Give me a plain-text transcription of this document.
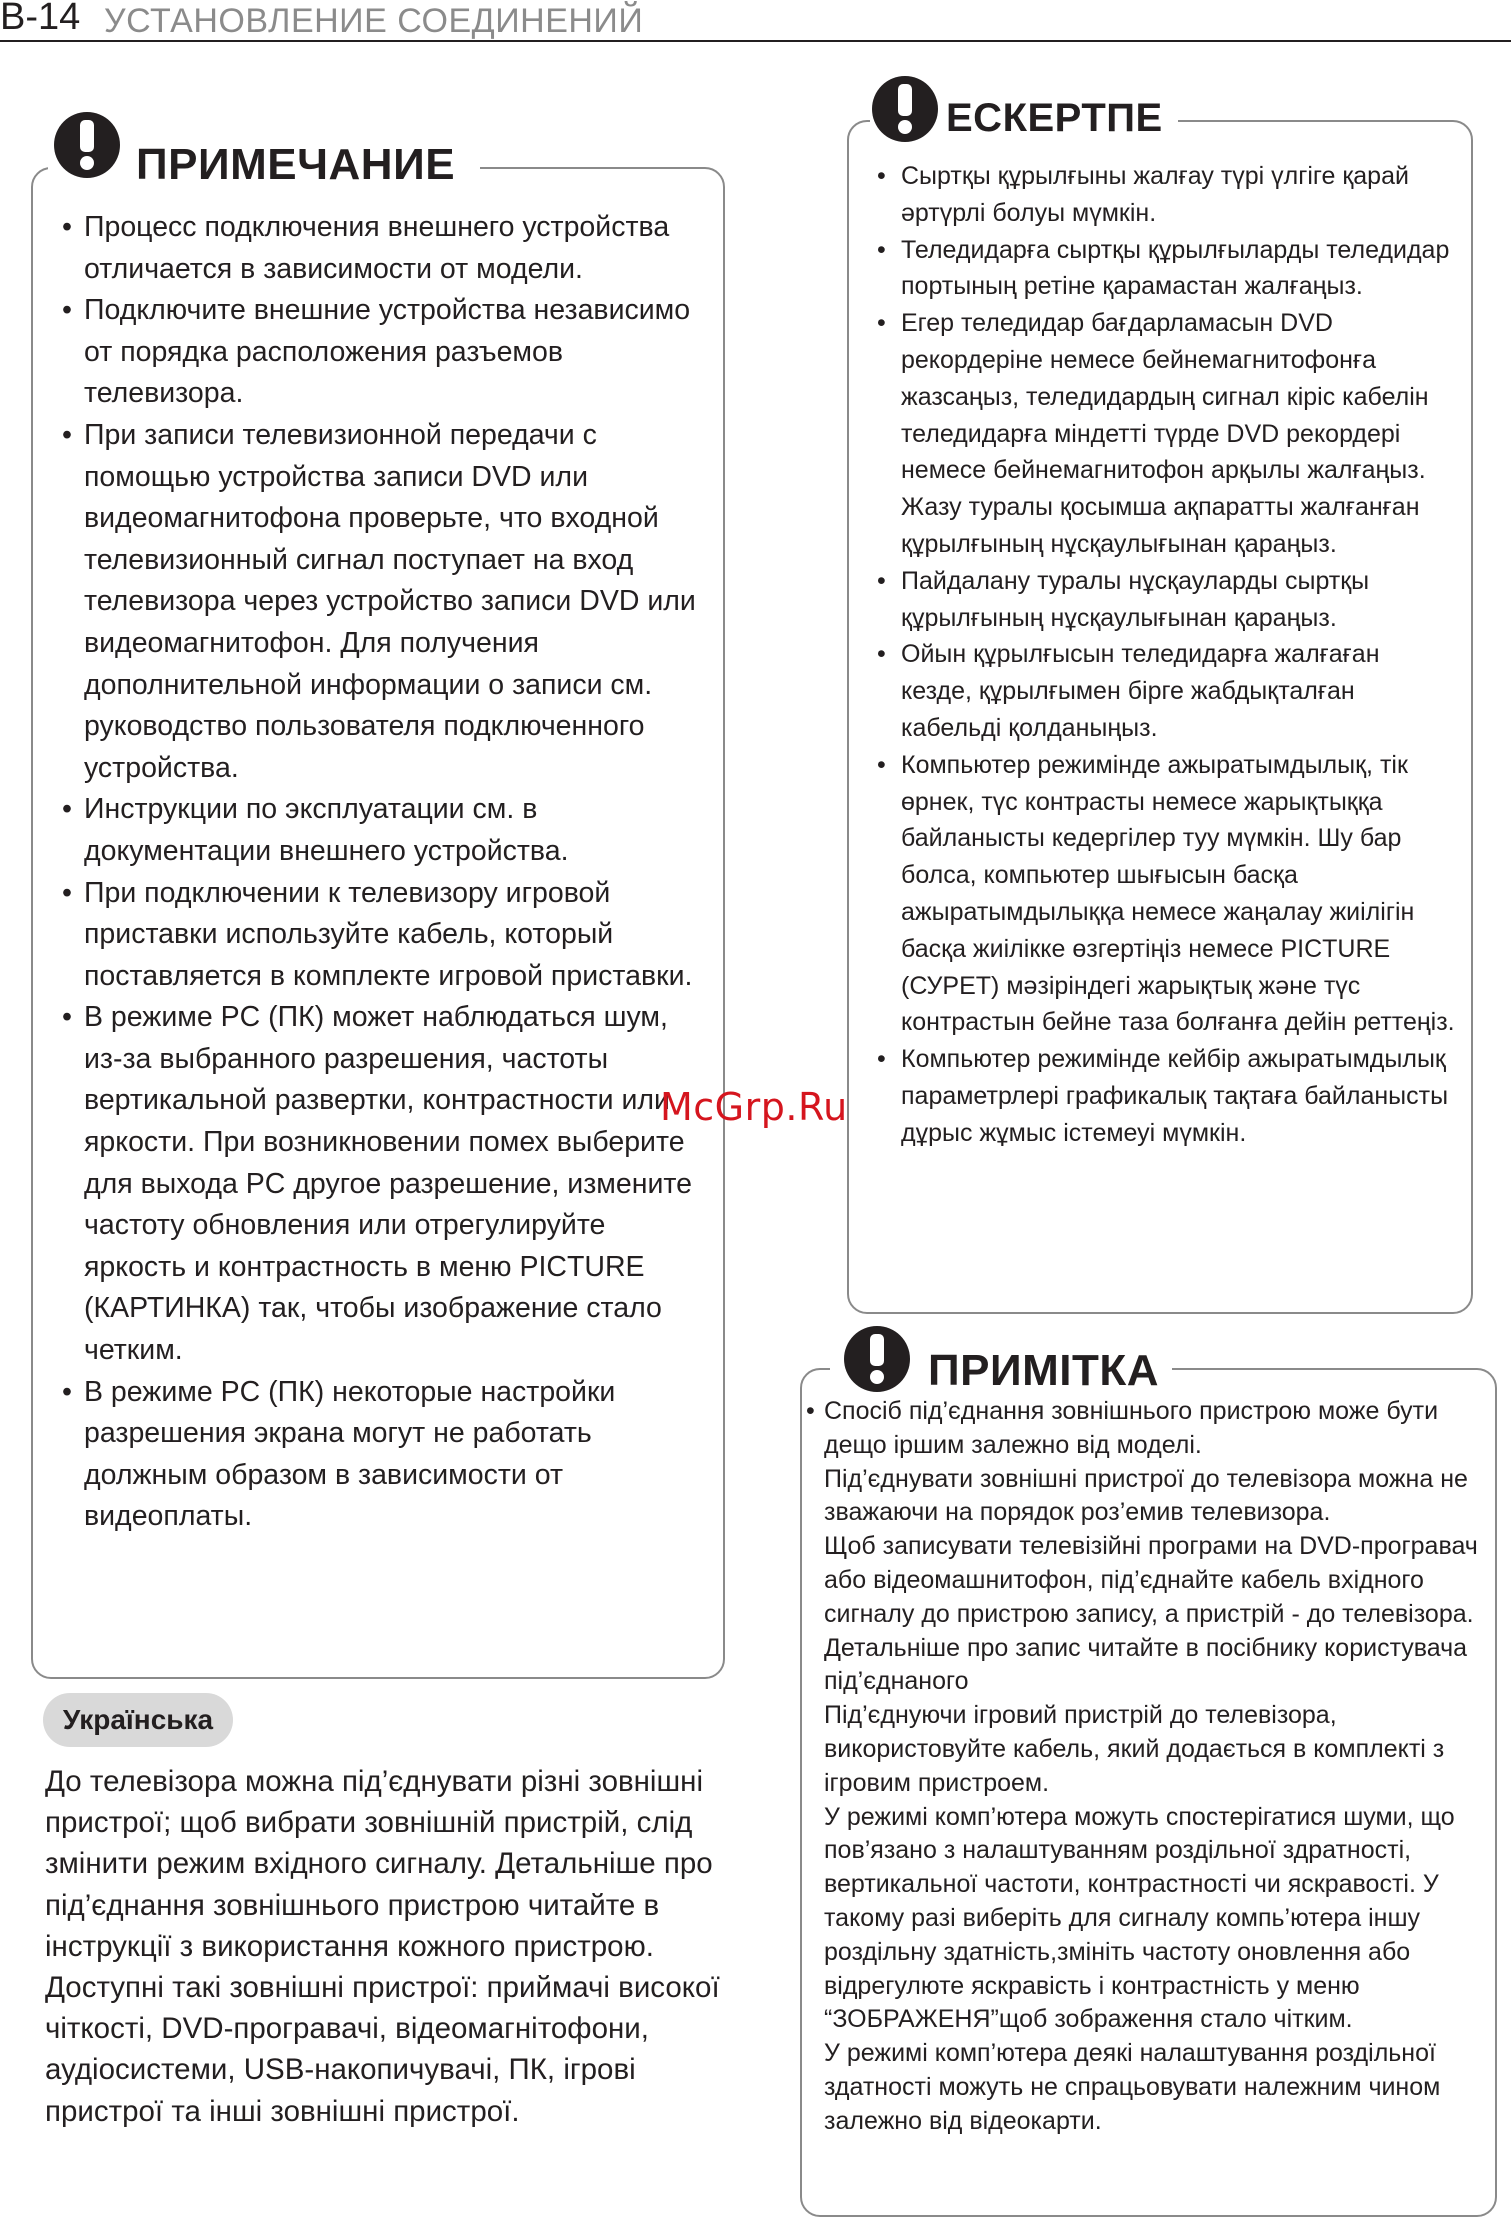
B-14 УСТАНОВЛЕНИЕ СОЕДИНЕНИЙ
ПРИМЕЧАНИЕ
• Процесс подключения внешнего устройства отличается в зависимости от модели.
• Подключите внешние устройства независимо от порядка расположения разъемов телевизора.
• При записи телевизионной передачи с помощью устройства записи DVD или видеомагнитофона проверьте, что входной телевизионный сигнал поступает на вход телевизора через устройство записи DVD или видеомагнитофон. Для получения дополнительной информации о записи см. руководство пользователя подключенного устройства.
• Инструкции по эксплуатации см. в документации внешнего устройства.
• При подключении к телевизору игровой приставки используйте кабель, который поставляется в комплекте игровой приставки.
• В режиме PC (ПК) может наблюдаться шум, из-за выбранного разрешения, частоты вертикальной развертки, контрастности или яркости. При возникновении помех выберите для выхода PC другое разрешение, измените частоту обновления или отрегулируйте яркость и контрастность в меню PICTURE (КАРТИНКА) так, чтобы изображение стало четким.
• В режиме PC (ПК) некоторые настройки разрешения экрана могут не работать должным образом в зависимости от видеоплаты.
ЕСКЕРТПЕ
• Сыртқы құрылғыны жалғау түрі үлгіге қарай әртүрлі болуы мүмкін.
• Теледидарға сыртқы құрылғыларды теледидар портының ретіне қарамастан жалғаңыз.
• Егер теледидар бағдарламасын DVD рекордеріне немесе бейнемагнитофонға жазсаңыз, теледидардың сигнал кіріс кабелін теледидарға міндетті түрде DVD рекордері немесе бейнемагнитофон арқылы жалғаңыз. Жазу туралы қосымша ақпаратты жалғанған құрылғының нұсқаулығынан қараңыз.
• Пайдалану туралы нұсқауларды сыртқы құрылғының нұсқаулығынан қараңыз.
• Ойын құрылғысын теледидарға жалғаған кезде, құрылғымен бірге жабдықталған кабельді қолданыңыз.
• Компьютер режимінде ажыратымдылық, тік өрнек, түс контрасты немесе жарықтыққа байланысты кедергілер туу мүмкін. Шу бар болса, компьютер шығысын басқа ажыратымдылыққа немесе жаңалау жиілігін басқа жиілікке өзгертіңіз немесе PICTURE (СУРЕТ) мәзіріндегі жарықтық және түс контрастын бейне таза болғанға дейін реттеңіз.
• Компьютер режимінде кейбір ажыратымдылық параметрлері графикалық тақтаға байланысты дұрыс жұмыс істемеуі мүмкін.
ПРИМІТКА

• Спосіб під’єднання зовнішнього пристрою може бути дещо іршим залежно від моделі.

Під’єднувати зовнішні пристрої до телевізора можна не зважаючи на порядок роз’емив телевизора.

Щоб записувати телевізійні програми на DVD-програвач або відеомашнитофон, під’єднайте кабель вхідного сигналу до пристрою запису, а пристрій - до телевізора. Детальніше про запис читайте в посібнику користувача під’єднаного

Під’єднуючи ігровий пристрій до телевізора, використовуйте кабель, який додається в комплекті з ігровим пристроем.

У режимі комп’ютера можуть спостерігатися шуми, що пов’язано з налаштуванням роздільної здратності, вертикальної частоти, контрастності чи яскравості. У такому разі виберіть для сигналу компь’ютера іншу роздільну здатність,змініть частоту оновлення або відрегулюте яскравість і контрастність у меню “ЗОБРАЖЕНЯ”щоб зображення стало чітким.

У режимі комп’ютера деякі налаштування роздільної здатності можуть не спрацьовувати належним чином залежно від відеокарти.

Українська

До телевізора можна під’єднувати різні зовнішні пристрої; щоб вибрати зовнішній пристрій, слід змінити режим вхідного сигналу. Детальніше про під’єднання зовнішнього пристрою читайте в інструкції з використання кожного пристрою. Доступні такі зовнішні пристрої: приймачі високої чіткості, DVD-програвачі, відеомагнітофони, аудіосистеми, USB-накопичувачі, ПК, ігрові пристрої та інші зовнішні пристрої.

McGrp.Ru
